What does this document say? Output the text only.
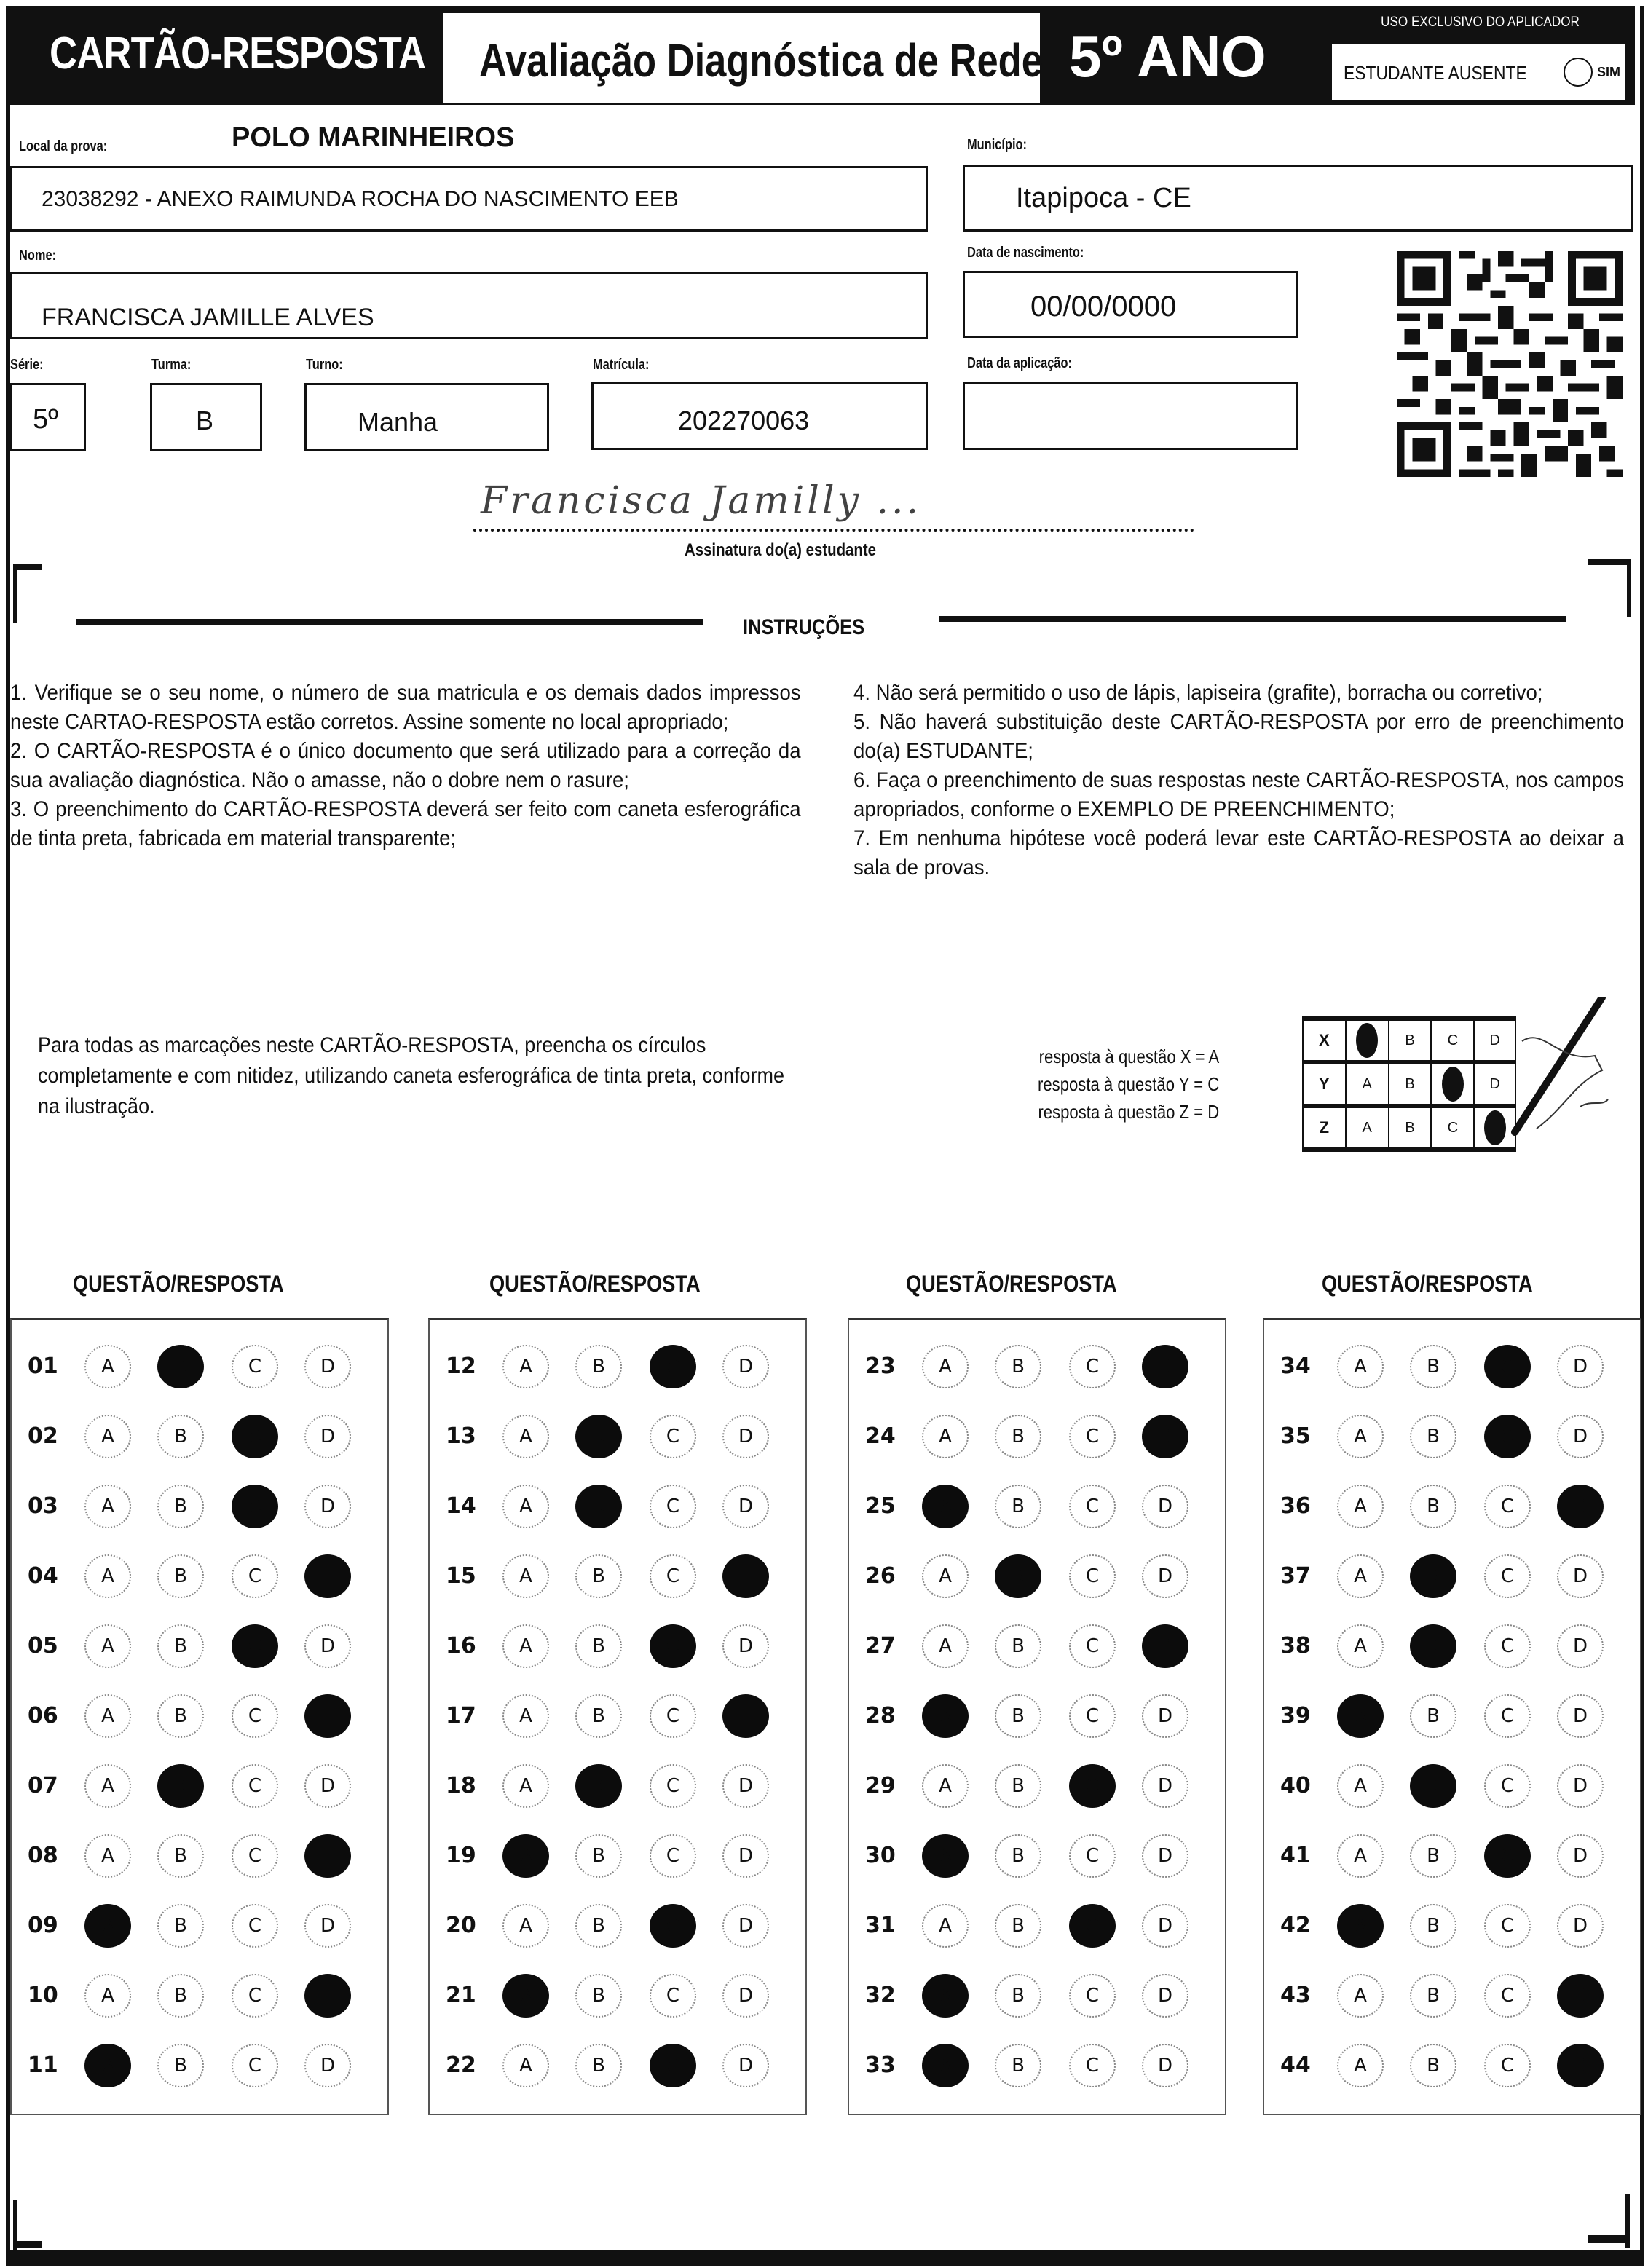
CARTÃO-RESPOSTA Avaliação Diagnóstica de Rede 5º ANO
USO EXCLUSIVO DO APLICADOR
ESTUDANTE AUSENTE	SIM
Local da prova:	POLO MARINHEIROS
23038292 - ANEXO RAIMUNDA ROCHA DO NASCIMENTO EEB
Município:
Itapipoca - CE
Nome:
FRANCISCA JAMILLE ALVES
Data de nascimento:
00/00/0000
Série:
5º
Turma:
B
Turno:
Manha
Matrícula:
202270063
Data da aplicação:
Francisca Jamilly ...
Assinatura do(a) estudante
INSTRUÇÕES

1. Verifique se o seu nome, o número de sua matricula e os demais dados impressos neste CARTAO-RESPOSTA estão corretos. Assine somente no local apropriado;

2. O CARTÃO-RESPOSTA é o único documento que será utilizado para a correção da sua avaliação diagnóstica. Não o amasse, não o dobre nem o rasure;

3. O preenchimento do CARTÃO-RESPOSTA deverá ser feito com caneta esferográfica de tinta preta, fabricada em material transparente;

4. Não será permitido o uso de lápis, lapiseira (grafite), borracha ou corretivo;

5. Não haverá substituição deste CARTÃO-RESPOSTA por erro de preenchimento do(a) ESTUDANTE;

6. Faça o preenchimento de suas respostas neste CARTÃO-RESPOSTA, nos campos apropriados, conforme o EXEMPLO DE PREENCHIMENTO;

7. Em nenhuma hipótese você poderá levar este CARTÃO-RESPOSTA ao deixar a sala de provas.

Para todas as marcações neste CARTÃO-RESPOSTA, preencha os círculos completamente e com nitidez, utilizando caneta esferográfica de tinta preta, conforme na ilustração.
resposta à questão X = A
resposta à questão Y = C
resposta à questão Z = D
X	B	C	D
Y	A	B	D
Z	A	B	C
QUESTÃO/RESPOSTA
01	A	B	C	D
02	A	B	C	D
03	A	B	C	D
04	A	B	C	D
05	A	B	C	D
06	A	B	C	D
07	A	B	C	D
08	A	B	C	D
09	A	B	C	D
10	A	B	C	D
11	A	B	C	D
QUESTÃO/RESPOSTA
12	A	B	C	D
13	A	B	C	D
14	A	B	C	D
15	A	B	C	D
16	A	B	C	D
17	A	B	C	D
18	A	B	C	D
19	A	B	C	D
20	A	B	C	D
21	A	B	C	D
22	A	B	C	D
QUESTÃO/RESPOSTA
23	A	B	C	D
24	A	B	C	D
25	A	B	C	D
26	A	B	C	D
27	A	B	C	D
28	A	B	C	D
29	A	B	C	D
30	A	B	C	D
31	A	B	C	D
32	A	B	C	D
33	A	B	C	D
QUESTÃO/RESPOSTA
34	A	B	C	D
35	A	B	C	D
36	A	B	C	D
37	A	B	C	D
38	A	B	C	D
39	A	B	C	D
40	A	B	C	D
41	A	B	C	D
42	A	B	C	D
43	A	B	C	D
44	A	B	C	D
